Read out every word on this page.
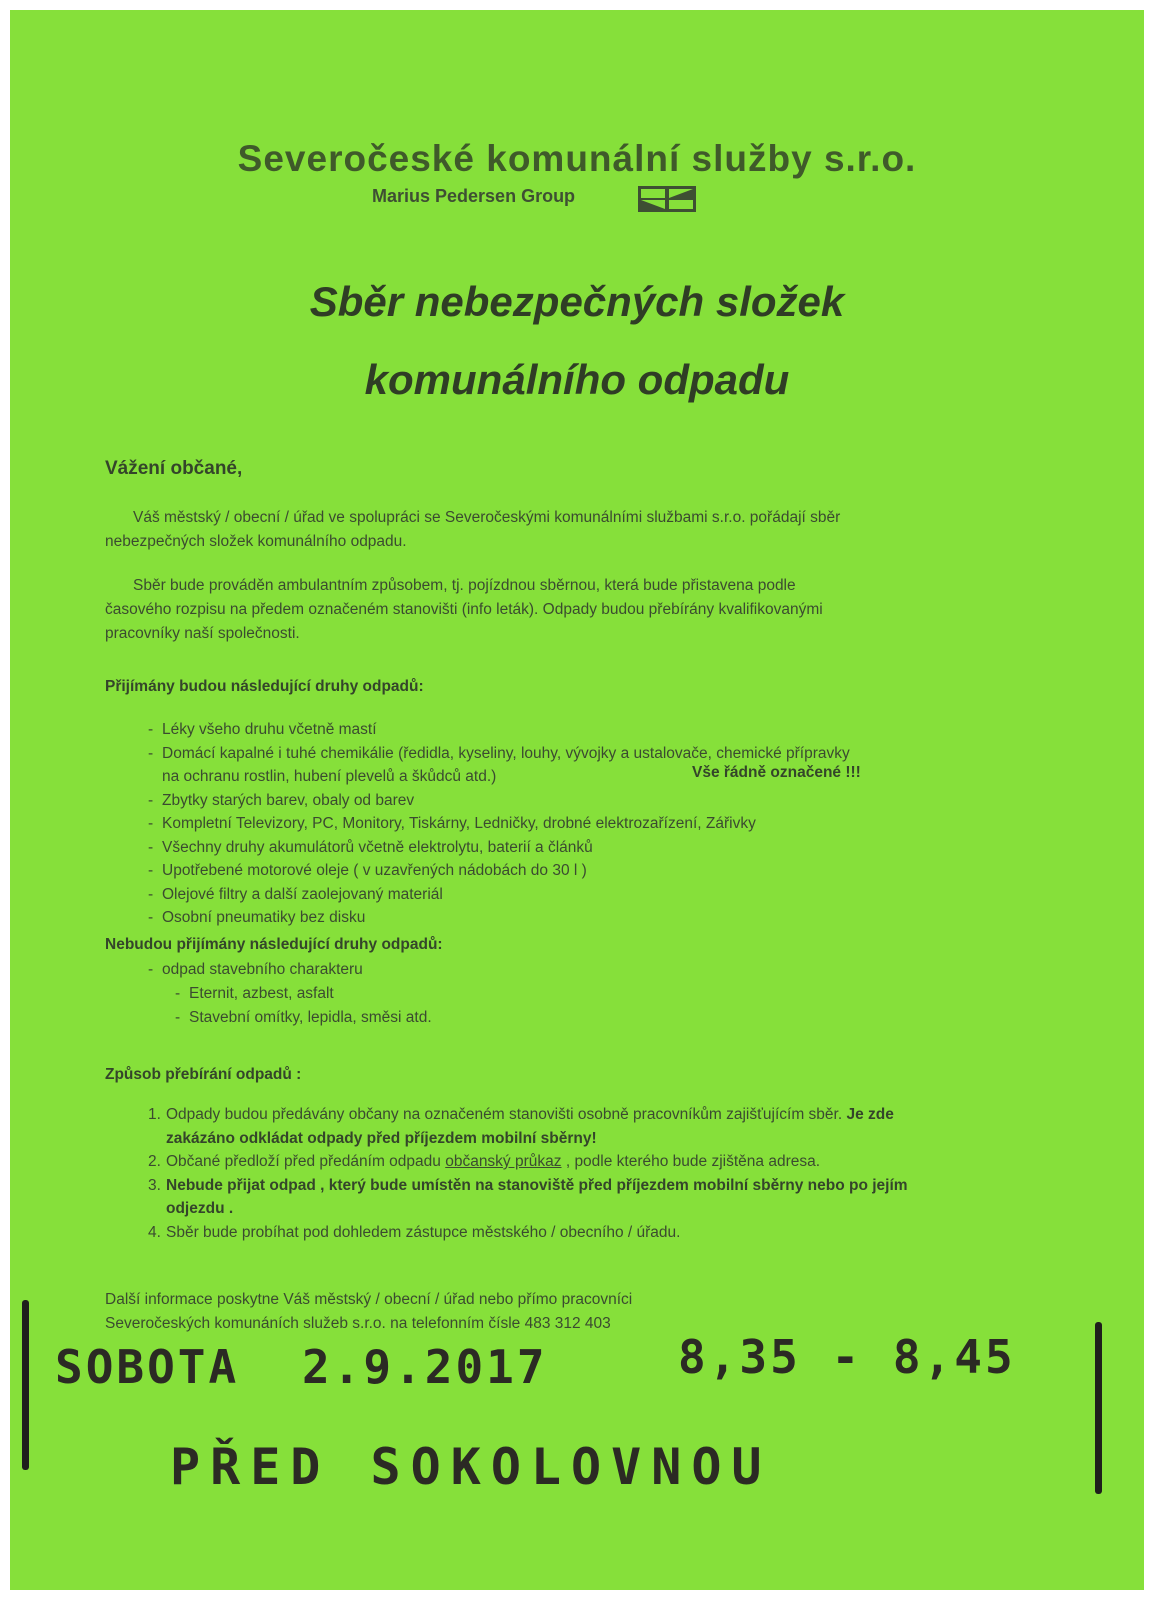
Severočeské komunální služby s.r.o.
Marius Pedersen Group
Sběr nebezpečných složek
komunálního odpadu
Vážení občané,
Váš městský / obecní / úřad ve spolupráci se Severočeskými komunálními službami s.r.o. pořádají sběr nebezpečných složek komunálního odpadu.
Sběr bude prováděn ambulantním způsobem, tj. pojízdnou sběrnou, která bude přistavena podle časového rozpisu na předem označeném stanovišti (info leták). Odpady budou přebírány kvalifikovanými pracovníky naší společnosti.
Přijímány budou následující druhy odpadů:
- Léky všeho druhu včetně mastí
- Domácí kapalné i tuhé chemikálie (ředidla, kyseliny, louhy, vývojky a ustalovače, chemické přípravky na ochranu rostlin, hubení plevelů a škůdců atd.)
- Zbytky starých barev, obaly od barev
- Kompletní Televizory, PC, Monitory, Tiskárny, Ledničky, drobné elektrozařízení, Zářivky
- Všechny druhy akumulátorů včetně elektrolytu, baterií a článků
- Upotřebené motorové oleje ( v uzavřených nádobách do 30 l )
- Olejové filtry a další zaolejovaný materiál
- Osobní pneumatiky bez disku
Vše řádně označené !!!
Nebudou přijímány následující druhy odpadů:
- odpad stavebního charakteru
- Eternit, azbest, asfalt
- Stavební omítky, lepidla, směsi atd.
Způsob přebírání odpadů :
1. Odpady budou předávány občany na označeném stanovišti osobně pracovníkům zajišťujícím sběr. Je zde zakázáno odkládat odpady před příjezdem mobilní sběrny!
2. Občané předloží před předáním odpadu občanský průkaz , podle kterého bude zjištěna adresa.
3. Nebude přijat odpad , který bude umístěn na stanoviště před příjezdem mobilní sběrny nebo po jejím odjezdu .
4. Sběr bude probíhat pod dohledem zástupce městského / obecního / úřadu.
Další informace poskytne Váš městský / obecní / úřad nebo přímo pracovníci
Severočeských komunáních služeb s.r.o. na telefonním čísle 483 312 403
SOBOTA 2.9.2017	8,35 - 8,45
PŘED SOKOLOVNOU
